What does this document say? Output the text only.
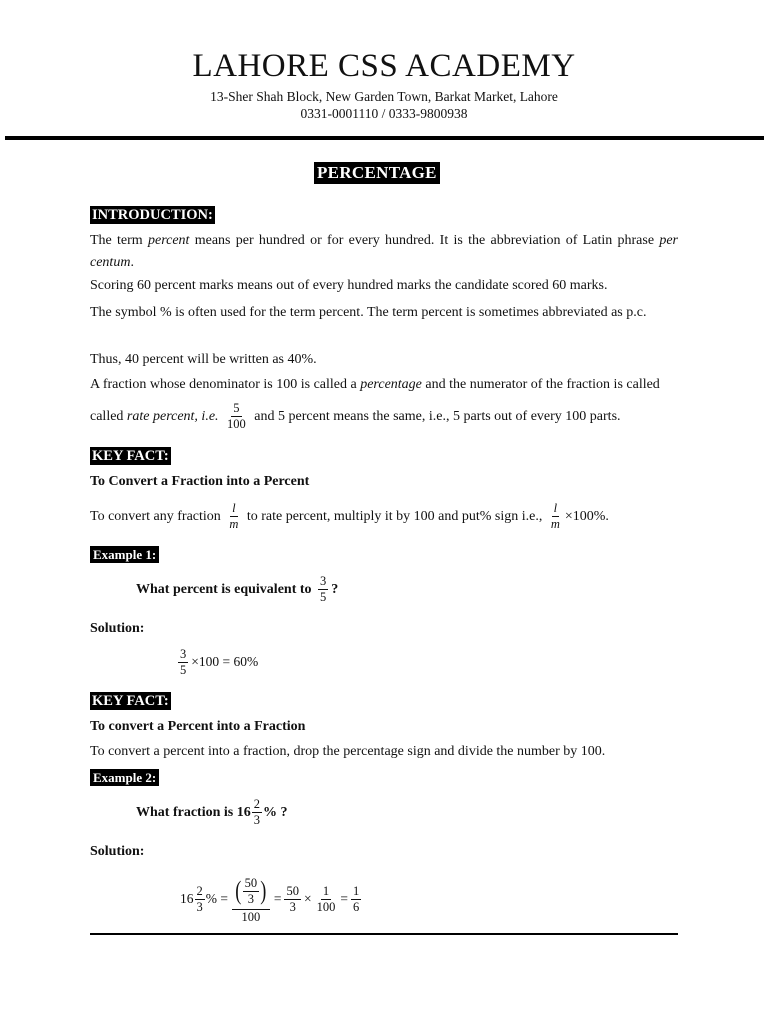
LAHORE CSS ACADEMY
13-Sher Shah Block, New Garden Town, Barkat Market, Lahore
0331-0001110 / 0333-9800938
PERCENTAGE
INTRODUCTION:
The term percent means per hundred or for every hundred. It is the abbreviation of Latin phrase per centum.
Scoring 60 percent marks means out of every hundred marks the candidate scored 60 marks.
The symbol % is often used for the term percent. The term percent is sometimes abbreviated as p.c.
Thus, 40 percent will be written as 40%.
A fraction whose denominator is 100 is called a percentage and the numerator of the fraction is called
called rate percent, i.e. $\frac{5}{100}$ and 5 percent means the same, i.e., 5 parts out of every 100 parts.
KEY FACT:
To Convert a Fraction into a Percent
To convert any fraction $\frac{l}{m}$ to rate percent, multiply it by 100 and put% sign i.e., $\frac{l}{m} \times 100\%$.
Example 1:
What percent is equivalent to $\frac{3}{5}$ ?
Solution:
$\frac{3}{5} \times 100 = 60\%$
KEY FACT:
To convert a Percent into a Fraction
To convert a percent into a fraction, drop the percentage sign and divide the number by 100.
Example 2:
What fraction is $16 \frac{2}{3}$ % ?
Solution:
$16 \frac{2}{3}$ % = $\frac{( \frac{50}{3} )}{100} = \frac{50}{3} \times \frac{1}{100} = \frac{1}{6}$
